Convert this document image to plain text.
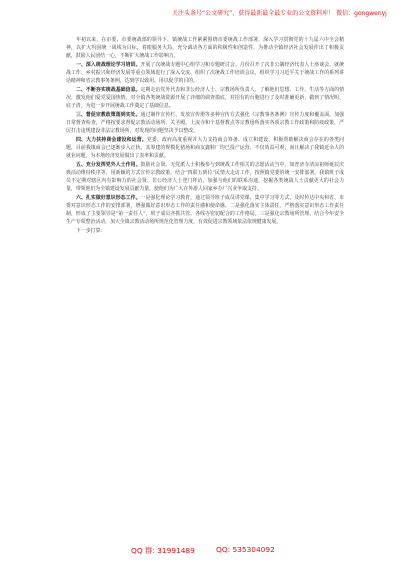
关注头条号“公文研究”，获得最新最全最专业的公文资料库！ 微信：gongwenyj

年初以来，在市委、市委统战部的领导下，镇统战工作紧紧围绕市委统战工作部署，深入学习贯彻党的十九届六中全会精神，以扩大巩固统一战线为目标，着眼服务大局，充分调动各方面的积极性和创造性，为推动全镇经济社会发展作出了积极贡献，鼓励人民团结一心，不断扩大统战工作影响力。

一、深入统战理论学习培训。开展了次统战专题中心组学习和专题研讨会。月份召开了次非公制经济代表人士座谈会，就统战工作、乡村振兴和经济发展等重点领域进行了深入交流。组织了次统战工作培训会议，组织学习习近平关于统战工作的系列讲话精神和省宗教事务条例，达到学以致用、用以促学的目的。

二、不断夯实统战基础信息。定期走访党外代表和非公经济人士、宗教场所负责人，了解他们思想、工作、生活等方面的情况，激发他们爱党爱国热情，对全镇各类统战资源开展了详细的调查摸底，对招有的台胞进行了及时准确更新，做到了情况明、底子清，为进一步开展统战工作奠定了基础信息。

三、督促宗教政策落到实处。通过制作宣传栏、发放宣传册等多种宣传方式强化《宗教事务条例》宣传力度和覆盖面。加强日常督查检查，严格按要求督促宗教活动场所、关圣殿、上流寺和个基督教点等宗教场所落实各项宗教工作政策和防疫政策，严厉打击违规建设非法宗教场所，对发现的问题坚决予以整改。

四、大力扶持商会建设和运营。党委、政府高度重视并大力支持商会筹备、成立和建设，积极帮助解决商会存在的各类问题，目前我镇商会已逐渐步入正轨，其筹建的规模化猪场和商友鑫鞋厂均已投产运营，不仅效益可观，而且解决了我镇近余人的就业问题，为本地经济发展做出了表率和贡献。

五、充分发挥党外人士作用。鼓励社会贤、无党派人士积极参与到统战工作相关的志愿活动当中，如普济寺清凉祖师诞辰庆典活动维持秩序等，用新颖的方式宣传宗教政策。结合“四联五到位”民情大走访工作，按照镇党委的统一安排部署，我镇班子成员不定期对辖区内有影响力的社会贤、非公经济人士登门拜访，加强与他们的联系沟通，挖掘各类统战人士贡献更大的社会力量，带领他们为全镇建设发展贡献力量，使他们为广大在外游人回家乡办厂兴业争取支持。

六、扎实做好意识形态工作。一是强化理论学习教育。通过领导班子成员讲党课、集中学习等方式，及时传达中央和省、市委对意识形态工作的安排部署，增强做好意识形态工作的责任感和使命感。二是强化落实主体责任。严格落实意识形态工作责任制，形成了主要领导是“第一责任人”，班子成员齐抓共管、各线办密切配合的工作格局。三是强化宗教场所管理。结合今年安全生产专项整治活动，加大全镇宗教活动场所规范化管理力度，有效促进宗教领域依法依规健康发展。

下一步打算：

QQ 群: 31991489	QQ: 535304092
